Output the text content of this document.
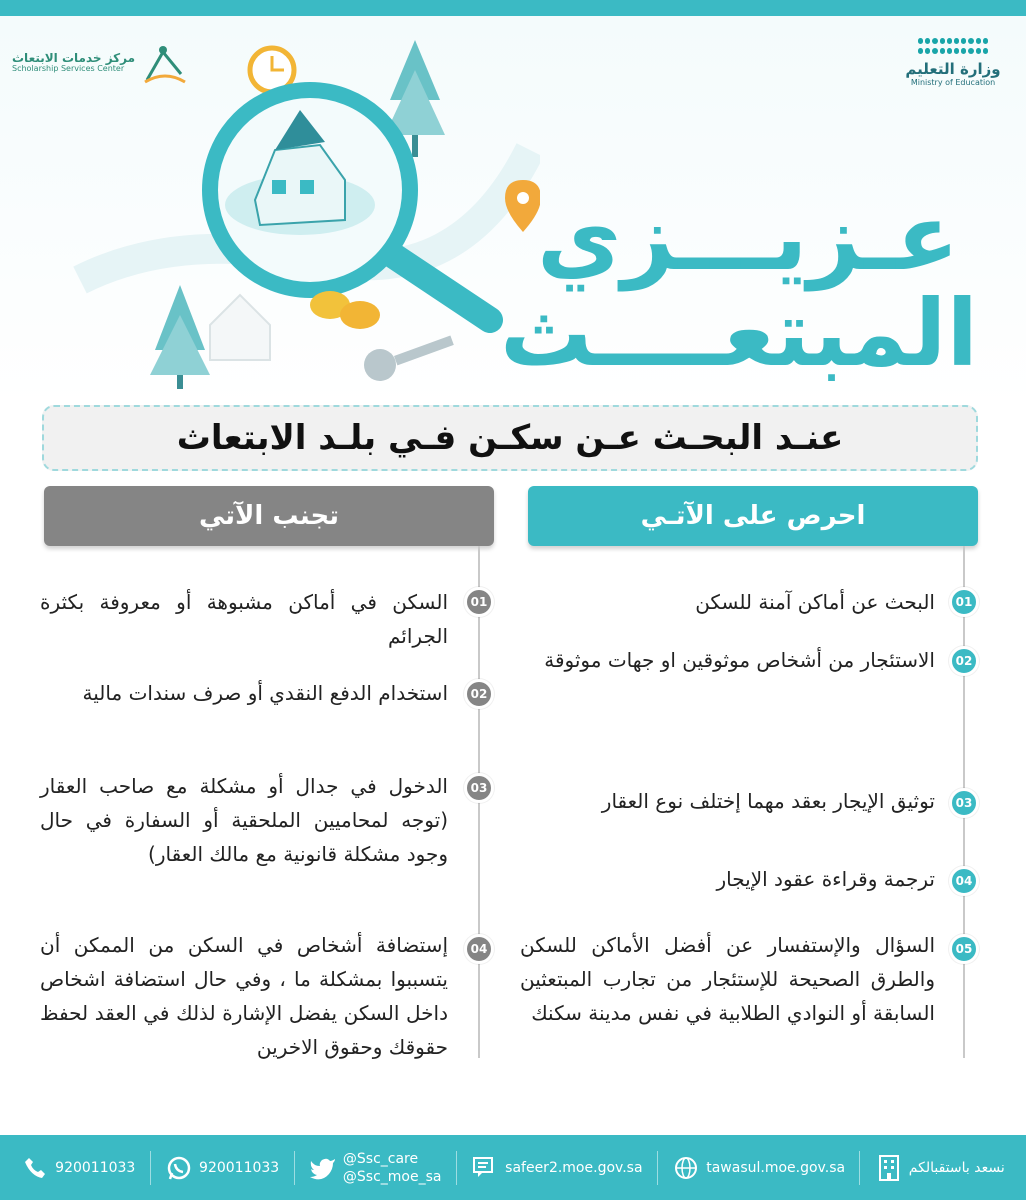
مركز خدمات الابتعاث
Scholarship Services Center	وزارة التعليم
Ministry of Education
عـزيـــزي
المبتعــــث
عنـد البحـث عـن سكـن فـي بلـد الابتعاث
احرص على الآتـي
تجنب الآتي
01
البحث عن أماكن آمنة للسكن
02
الاستئجار من أشخاص موثوقين او جهات موثوقة
03
توثيق الإيجار بعقد مهما إختلف نوع العقار
04
ترجمة وقراءة عقود الإيجار
05
السؤال والإستفسار عن أفضل الأماكن للسكن والطرق الصحيحة للإستئجار من تجارب المبتعثين السابقة أو النوادي الطلابية في نفس مدينة سكنك
01
السكن في أماكن مشبوهة أو معروفة بكثرة الجرائم
02
استخدام الدفع النقدي أو صرف سندات مالية
03
الدخول في جدال أو مشكلة مع صاحب العقار (توجه لمحاميين الملحقية أو السفارة في حال وجود مشكلة قانونية مع مالك العقار)
04
إستضافة أشخاص في السكن من الممكن أن يتسببوا بمشكلة ما ، وفي حال استضافة اشخاص داخل السكن يفضل الإشارة لذلك في العقد لحفظ حقوقك وحقوق الاخرين
920011033	920011033
@Ssc_care
@Ssc_moe_sa
safeer2.moe.gov.sa	tawasul.moe.gov.sa	نسعد باستقبالكم
